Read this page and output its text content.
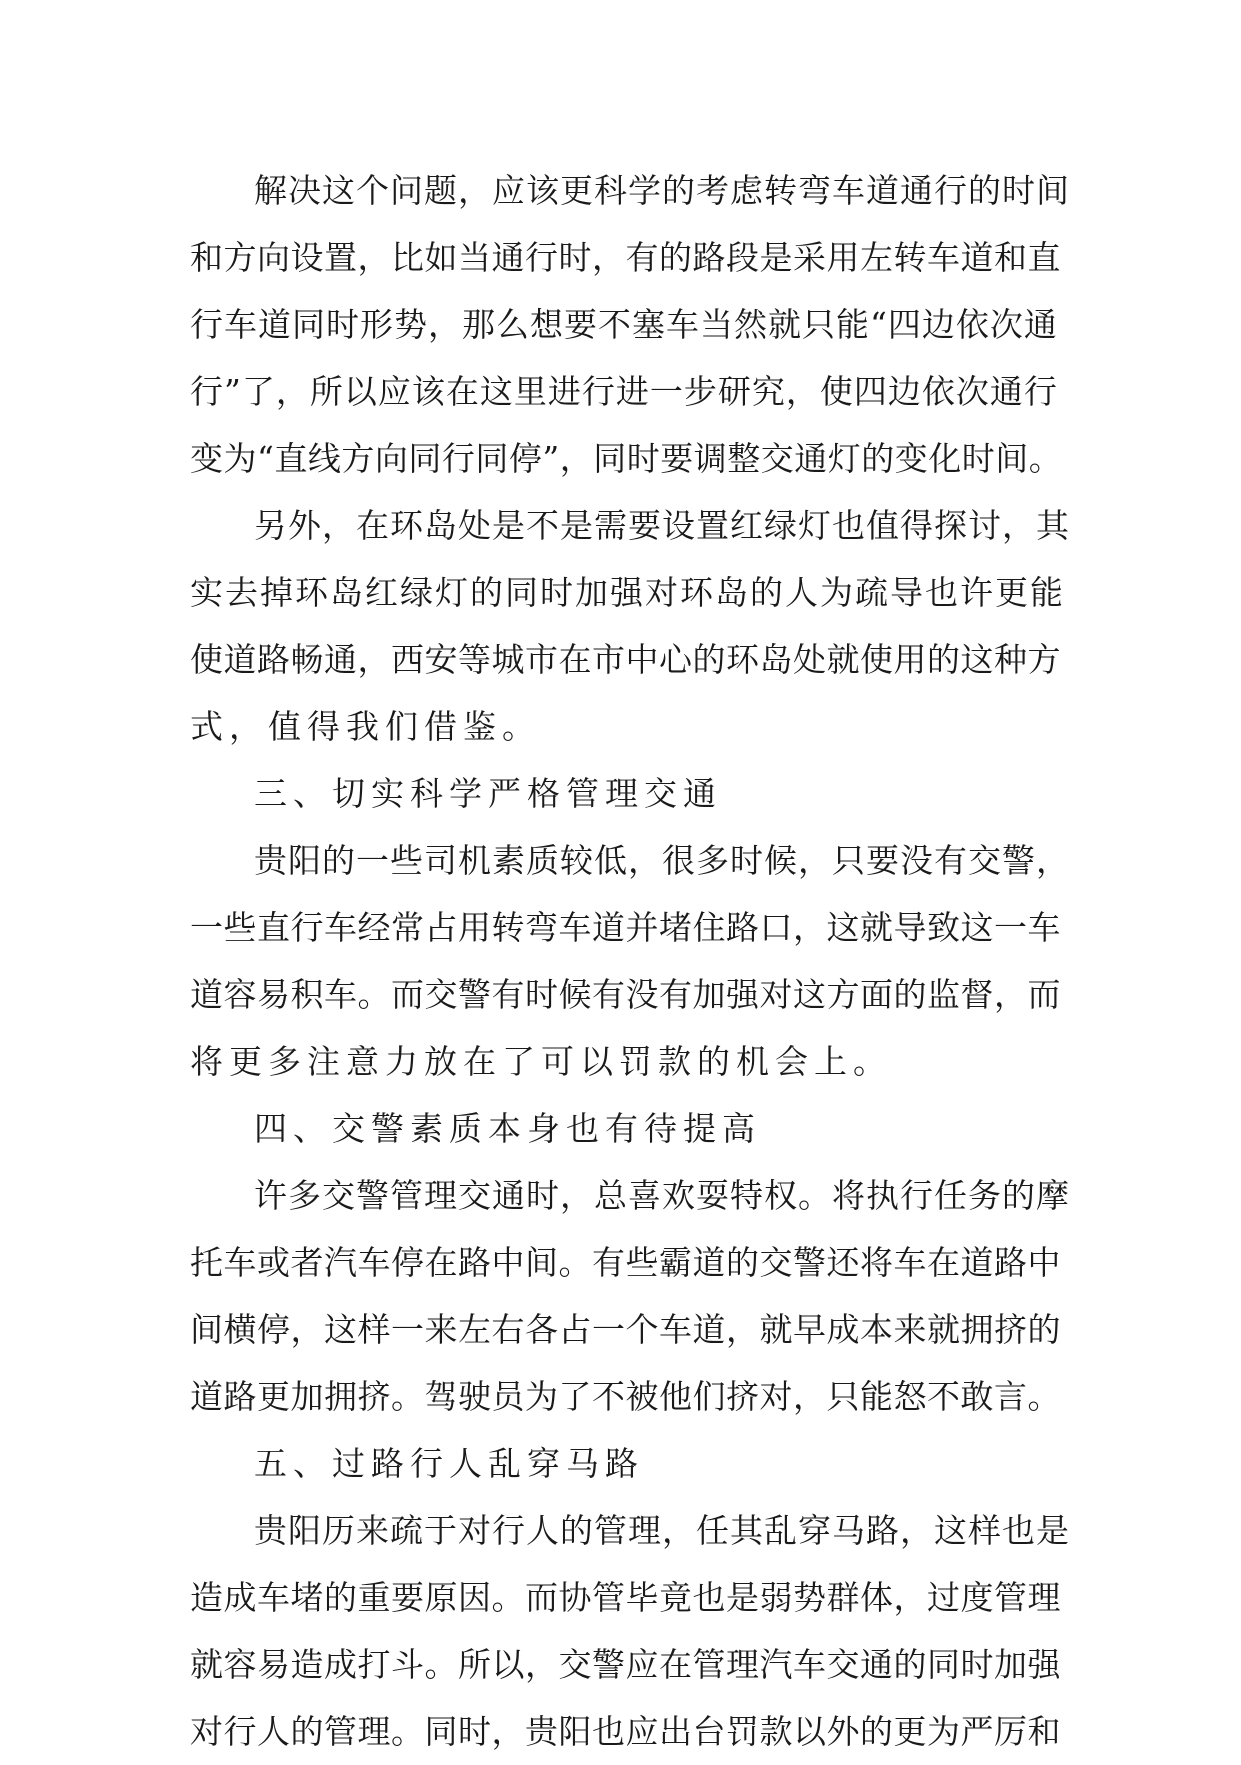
解决这个问题，应该更科学的考虑转弯车道通行的时间
和方向设置，比如当通行时，有的路段是采用左转车道和直
行车道同时形势，那么想要不塞车当然就只能“四边依次通
行”了，所以应该在这里进行进一步研究，使四边依次通行
变为“直线方向同行同停”，同时要调整交通灯的变化时间。
另外，在环岛处是不是需要设置红绿灯也值得探讨，其
实去掉环岛红绿灯的同时加强对环岛的人为疏导也许更能
使道路畅通，西安等城市在市中心的环岛处就使用的这种方
式，值得我们借鉴。
三、切实科学严格管理交通
贵阳的一些司机素质较低，很多时候，只要没有交警，
一些直行车经常占用转弯车道并堵住路口，这就导致这一车
道容易积车。而交警有时候有没有加强对这方面的监督，而
将更多注意力放在了可以罚款的机会上。
四、交警素质本身也有待提高
许多交警管理交通时，总喜欢耍特权。将执行任务的摩
托车或者汽车停在路中间。有些霸道的交警还将车在道路中
间横停，这样一来左右各占一个车道，就早成本来就拥挤的
道路更加拥挤。驾驶员为了不被他们挤对，只能怒不敢言。
五、过路行人乱穿马路
贵阳历来疏于对行人的管理，任其乱穿马路，这样也是
造成车堵的重要原因。而协管毕竟也是弱势群体，过度管理
就容易造成打斗。所以，交警应在管理汽车交通的同时加强
对行人的管理。同时，贵阳也应出台罚款以外的更为严厉和
